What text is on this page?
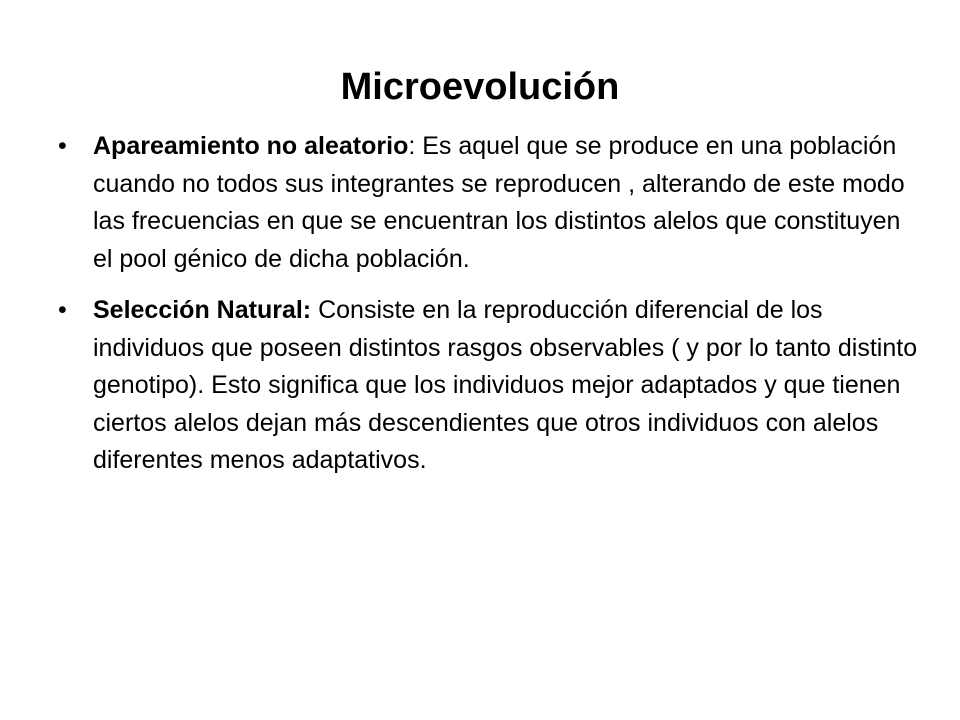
Microevolución
• Apareamiento no aleatorio: Es aquel que se produce en una población cuando no todos sus integrantes se reproducen , alterando de este modo las frecuencias en que se encuentran los distintos alelos que constituyen el pool génico de dicha población.
• Selección Natural: Consiste en la reproducción diferencial de los individuos que poseen distintos rasgos observables ( y por lo tanto distinto genotipo). Esto significa que los individuos mejor adaptados y que tienen ciertos alelos dejan más descendientes que otros individuos con alelos diferentes menos adaptativos.
